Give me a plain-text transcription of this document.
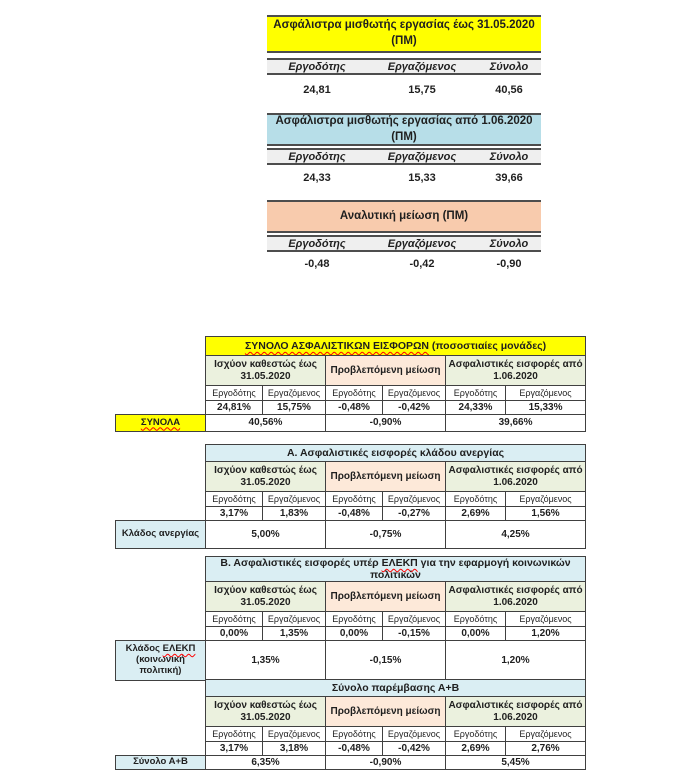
Ασφάλιστρα μισθωτής εργασίας έως 31.05.2020 (ΠΜ)
Εργοδότης	Εργαζόμενος	Σύνολο
24,81	15,75	40,56
Ασφάλιστρα μισθωτής εργασίας από 1.06.2020 (ΠΜ)
Εργοδότης	Εργαζόμενος	Σύνολο
24,33	15,33	39,66
Αναλυτική μείωση (ΠΜ)
Εργοδότης	Εργαζόμενος	Σύνολο
-0,48	-0,42	-0,90
	ΣΥΝΟΛΟ ΑΣΦΑΛΙΣΤΙΚΩΝ ΕΙΣΦΟΡΩΝ (ποσοστιαίες μονάδες)					
	Ισχύον καθεστώς έως 31.05.2020		Προβλεπόμενη μείωση		Ασφαλιστικές εισφορές από 1.06.2020	
	Εργοδότης	Εργαζόμενος	Εργοδότης	Εργαζόμενος	Εργοδότης	Εργαζόμενος
	24,81%	15,75%	-0,48%	-0,42%	24,33%	15,33%
ΣΥΝΟΛΑ	40,56%		-0,90%		39,66%	
	Α. Ασφαλιστικές εισφορές κλάδου ανεργίας					
	Ισχύον καθεστώς έως 31.05.2020		Προβλεπόμενη μείωση		Ασφαλιστικές εισφορές από 1.06.2020	
	Εργοδότης	Εργαζόμενος	Εργοδότης	Εργαζόμενος	Εργοδότης	Εργαζόμενος
	3,17%	1,83%	-0,48%	-0,27%	2,69%	1,56%
Κλάδος ανεργίας	5,00%		-0,75%		4,25%	
	Β. Ασφαλιστικές εισφορές υπέρ ΕΛΕΚΠ για την εφαρμογή κοινωνικών πολιτικών					
	Ισχύον καθεστώς έως 31.05.2020		Προβλεπόμενη μείωση		Ασφαλιστικές εισφορές από 1.06.2020	
	Εργοδότης	Εργαζόμενος	Εργοδότης	Εργαζόμενος	Εργοδότης	Εργαζόμενος
	0,00%	1,35%	0,00%	-0,15%	0,00%	1,20%
Κλάδος ΕΛΕΚΠ (κοινωνική πολιτική)	1,35%		-0,15%		1,20%	
	Σύνολο παρέμβασης Α+Β					
	Ισχύον καθεστώς έως 31.05.2020		Προβλεπόμενη μείωση		Ασφαλιστικές εισφορές από 1.06.2020	
	Εργοδότης	Εργαζόμενος	Εργοδότης	Εργαζόμενος	Εργοδότης	Εργαζόμενος
	3,17%	3,18%	-0,48%	-0,42%	2,69%	2,76%
Σύνολο Α+Β	6,35%		-0,90%		5,45%	
